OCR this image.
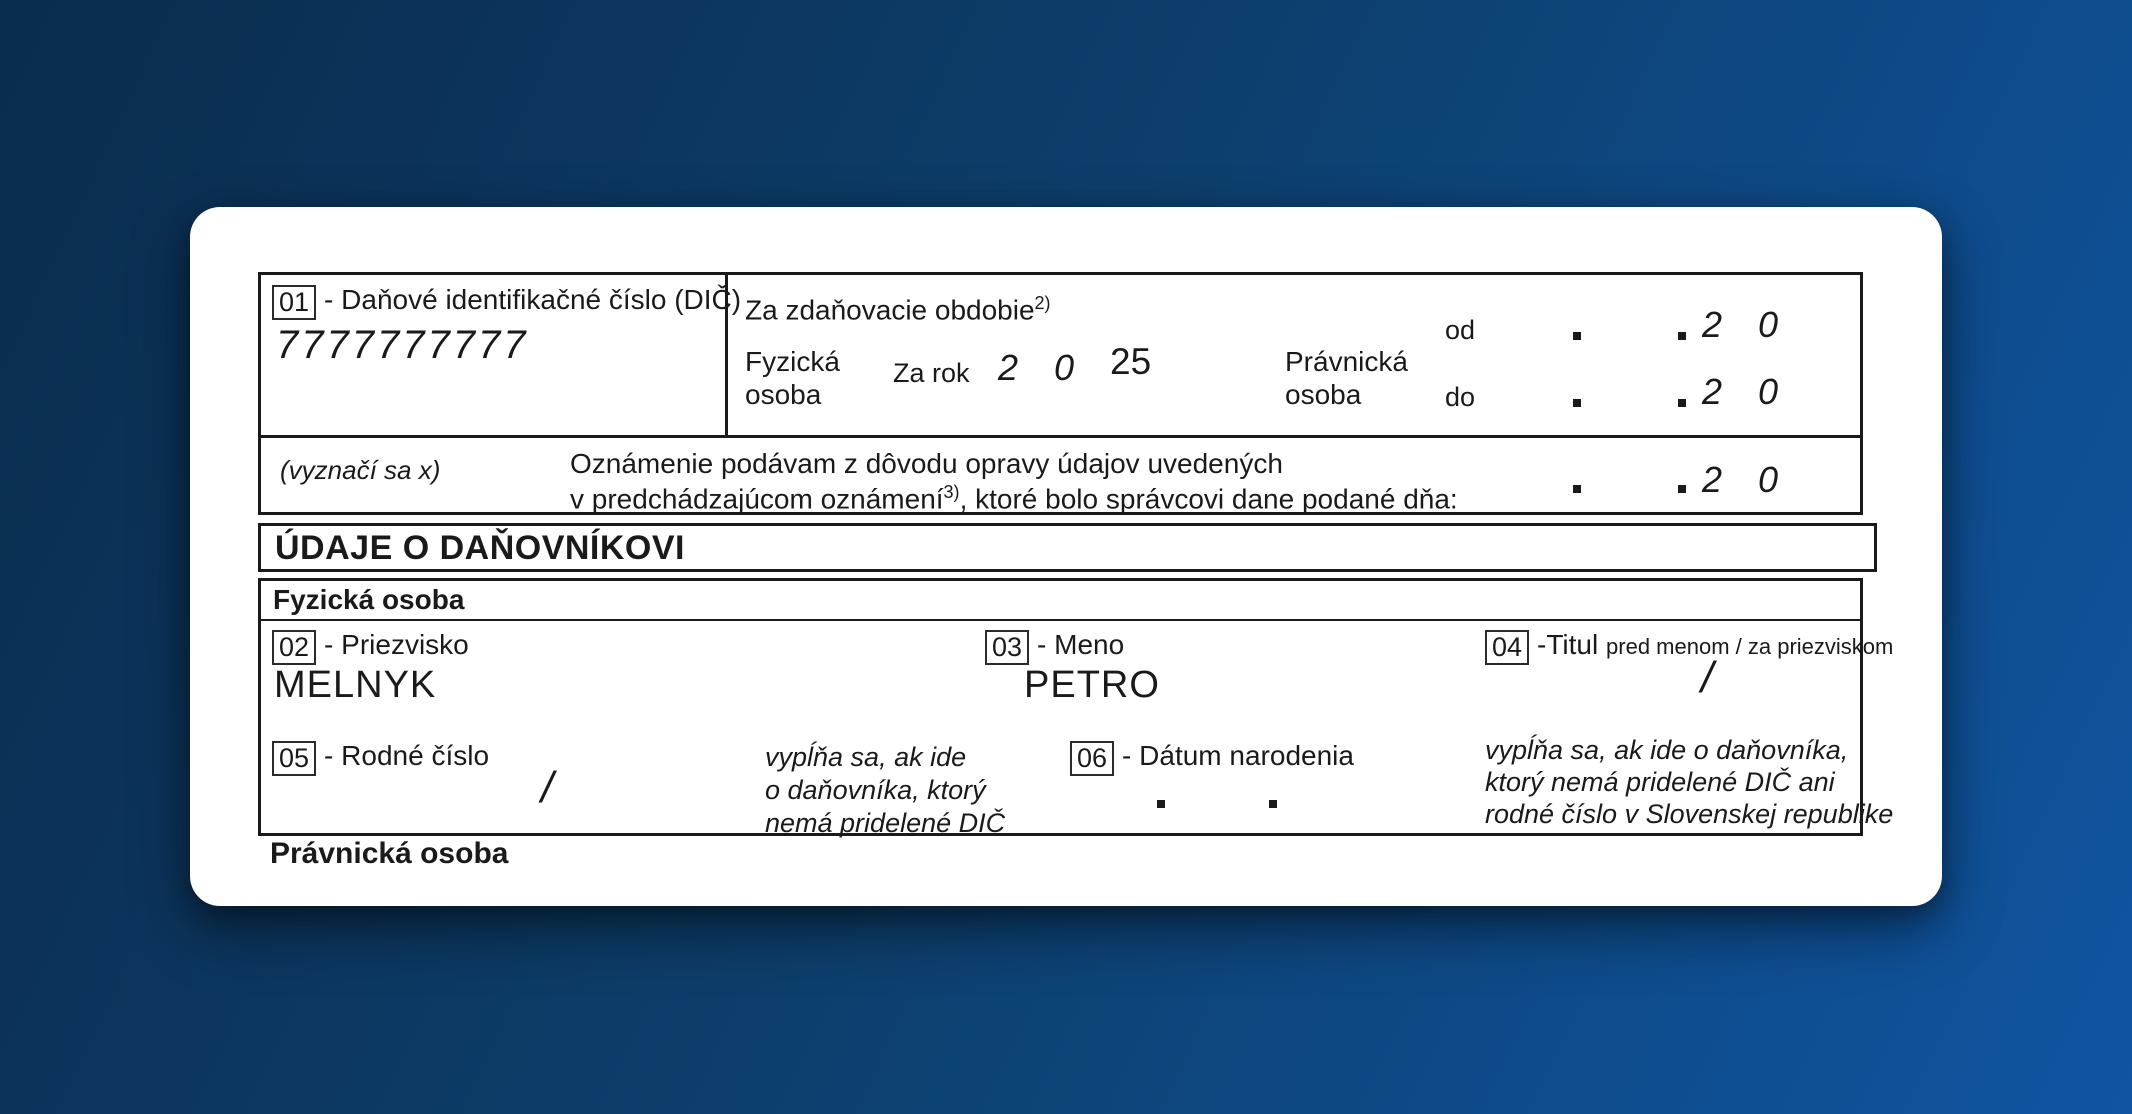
01 - Daňové identifikačné číslo (DIČ)
7777777777
Za zdaňovacie obdobie$^{2)}$
Fyzická osoba
Za rok 2 0 25	Právnická osoba
od	2 0
do	2 0
(vyznačí sa x)	Oznámenie podávam z dôvodu opravy údajov uvedených
v predchádzajúcom oznámení$^{3)}$, ktoré bolo správcovi dane podané dňa:	2 0
ÚDAJE O DAŇOVNÍKOVI
Fyzická osoba
02 - Priezvisko
MELNYK
03 - Meno
PETRO
04 -Titul pred menom / za priezviskom
/
05 - Rodné číslo
/
vypĺňa sa, ak ide
o daňovníka, ktorý
nemá pridelené DIČ
06 - Dátum narodenia	vypĺňa sa, ak ide o daňovníka,
ktorý nemá pridelené DIČ ani
rodné číslo v Slovenskej republike
Právnická osoba
